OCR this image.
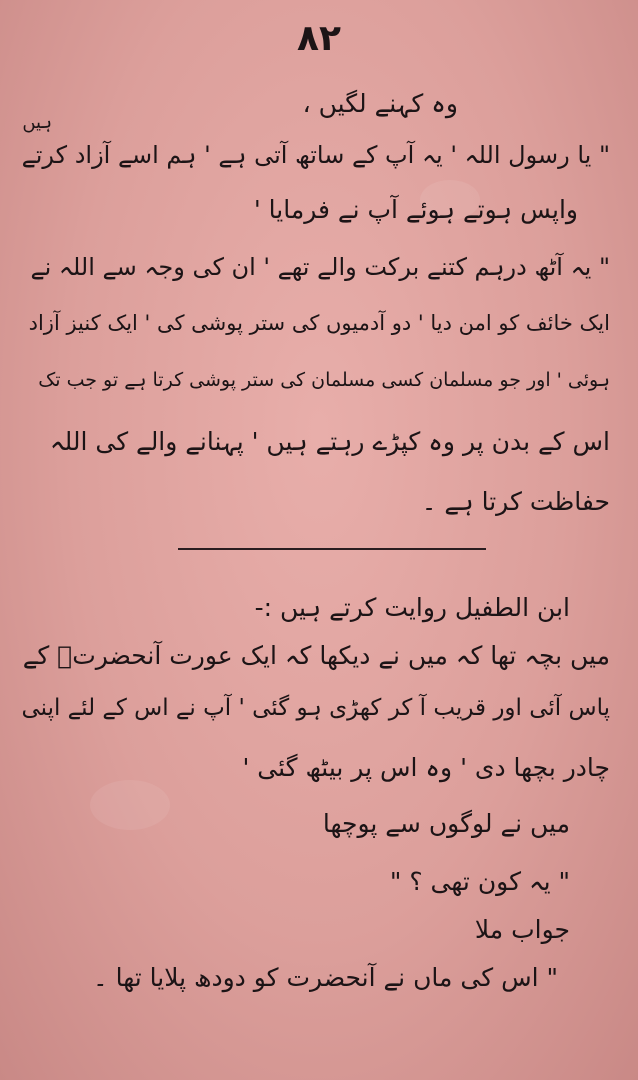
۸۲
ہیں
وہ کہنے لگیں ،
" یا رسول اللہ ' یہ آپ کے ساتھ آتی ہے ' ہم اسے آزاد کرتے
واپس ہوتے ہوئے آپ نے فرمایا '
" یہ آٹھ درہم کتنے برکت والے تھے ' ان کی وجہ سے اللہ نے
ایک خائف کو امن دیا ' دو آدمیوں کی ستر پوشی کی ' ایک کنیز آزاد
ہوئی ' اور جو مسلمان کسی مسلمان کی ستر پوشی کرتا ہے تو جب تک
اس کے بدن پر وہ کپڑے رہتے ہیں ' پہنانے والے کی اللہ
حفاظت کرتا ہے ۔
ابن الطفیل روایت کرتے ہیں :-
میں بچہ تھا کہ میں نے دیکھا کہ ایک عورت آنحضرتؐ کے
پاس آئی اور قریب آ کر کھڑی ہو گئی ' آپ نے اس کے لئے اپنی
چادر بچھا دی ' وہ اس پر بیٹھ گئی '
میں نے لوگوں سے پوچھا
" یہ کون تھی ؟ "
جواب ملا
" اس کی ماں نے آنحضرت کو دودھ پلایا تھا ۔
